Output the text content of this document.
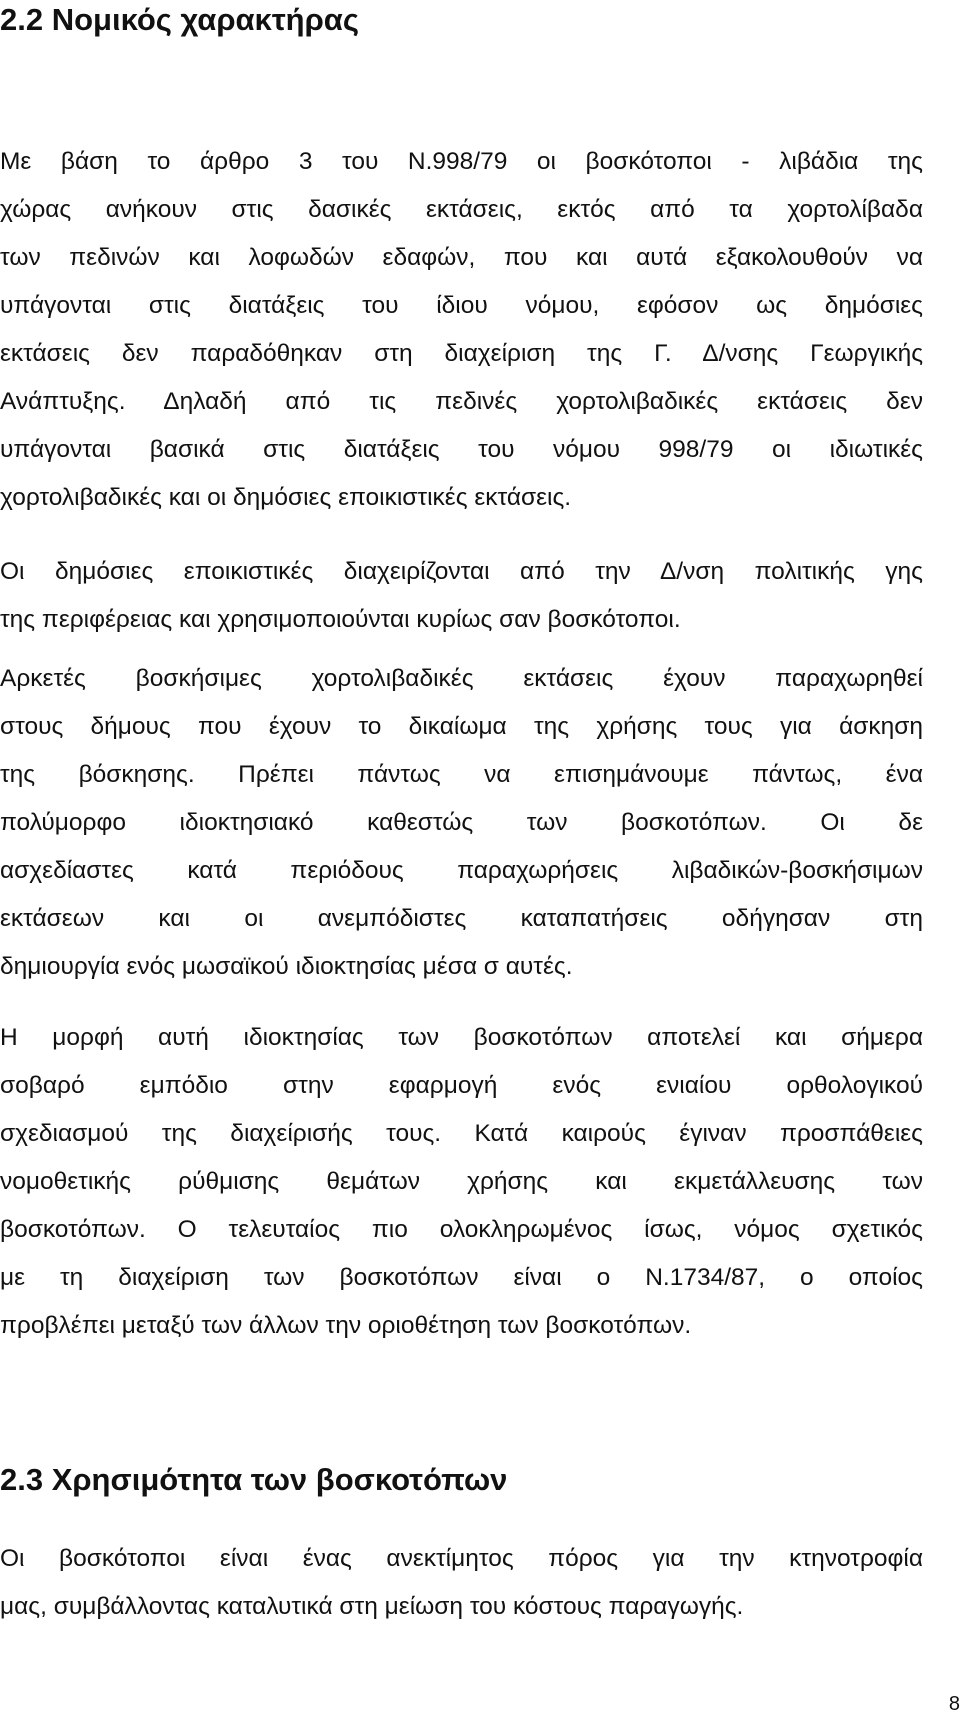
2.2 Νομικός χαρακτήρας
Με βάση το άρθρο 3 του Ν.998/79 οι βοσκότοποι - λιβάδια της
χώρας ανήκουν στις δασικές εκτάσεις, εκτός από τα χορτολίβαδα
των πεδινών και λοφωδών εδαφών, που και αυτά εξακολουθούν να
υπάγονται στις διατάξεις του ίδιου νόμου, εφόσον ως δημόσιες
εκτάσεις δεν παραδόθηκαν στη διαχείριση της Γ. Δ/νσης Γεωργικής
Ανάπτυξης. Δηλαδή από τις πεδινές χορτολιβαδικές εκτάσεις δεν
υπάγονται βασικά στις διατάξεις του νόμου 998/79 οι ιδιωτικές
χορτολιβαδικές και οι δημόσιες εποικιστικές εκτάσεις.
Οι δημόσιες εποικιστικές διαχειρίζονται από την Δ/νση πολιτικής γης
της περιφέρειας και χρησιμοποιούνται κυρίως σαν βοσκότοποι.
Αρκετές βοσκήσιμες χορτολιβαδικές εκτάσεις έχουν παραχωρηθεί
στους δήμους που έχουν το δικαίωμα της χρήσης τους για άσκηση
της βόσκησης. Πρέπει πάντως να επισημάνουμε πάντως, ένα
πολύμορφο ιδιοκτησιακό καθεστώς των βοσκοτόπων. Οι δε
ασχεδίαστες κατά περιόδους παραχωρήσεις λιβαδικών-βοσκήσιμων
εκτάσεων και οι ανεμπόδιστες καταπατήσεις οδήγησαν στη
δημιουργία ενός μωσαϊκού ιδιοκτησίας μέσα σ αυτές.
Η μορφή αυτή ιδιοκτησίας των βοσκοτόπων αποτελεί και σήμερα
σοβαρό εμπόδιο στην εφαρμογή ενός ενιαίου ορθολογικού
σχεδιασμού της διαχείρισής τους. Κατά καιρούς έγιναν προσπάθειες
νομοθετικής ρύθμισης θεμάτων χρήσης και εκμετάλλευσης των
βοσκοτόπων. Ο τελευταίος πιο ολοκληρωμένος ίσως, νόμος σχετικός
με τη διαχείριση των βοσκοτόπων είναι ο Ν.1734/87, ο οποίος
προβλέπει μεταξύ των άλλων την οριοθέτηση των βοσκοτόπων.
2.3 Χρησιμότητα των βοσκοτόπων
Οι βοσκότοποι είναι ένας ανεκτίμητος πόρος για την κτηνοτροφία
μας, συμβάλλοντας καταλυτικά στη μείωση του κόστους παραγωγής.
8
